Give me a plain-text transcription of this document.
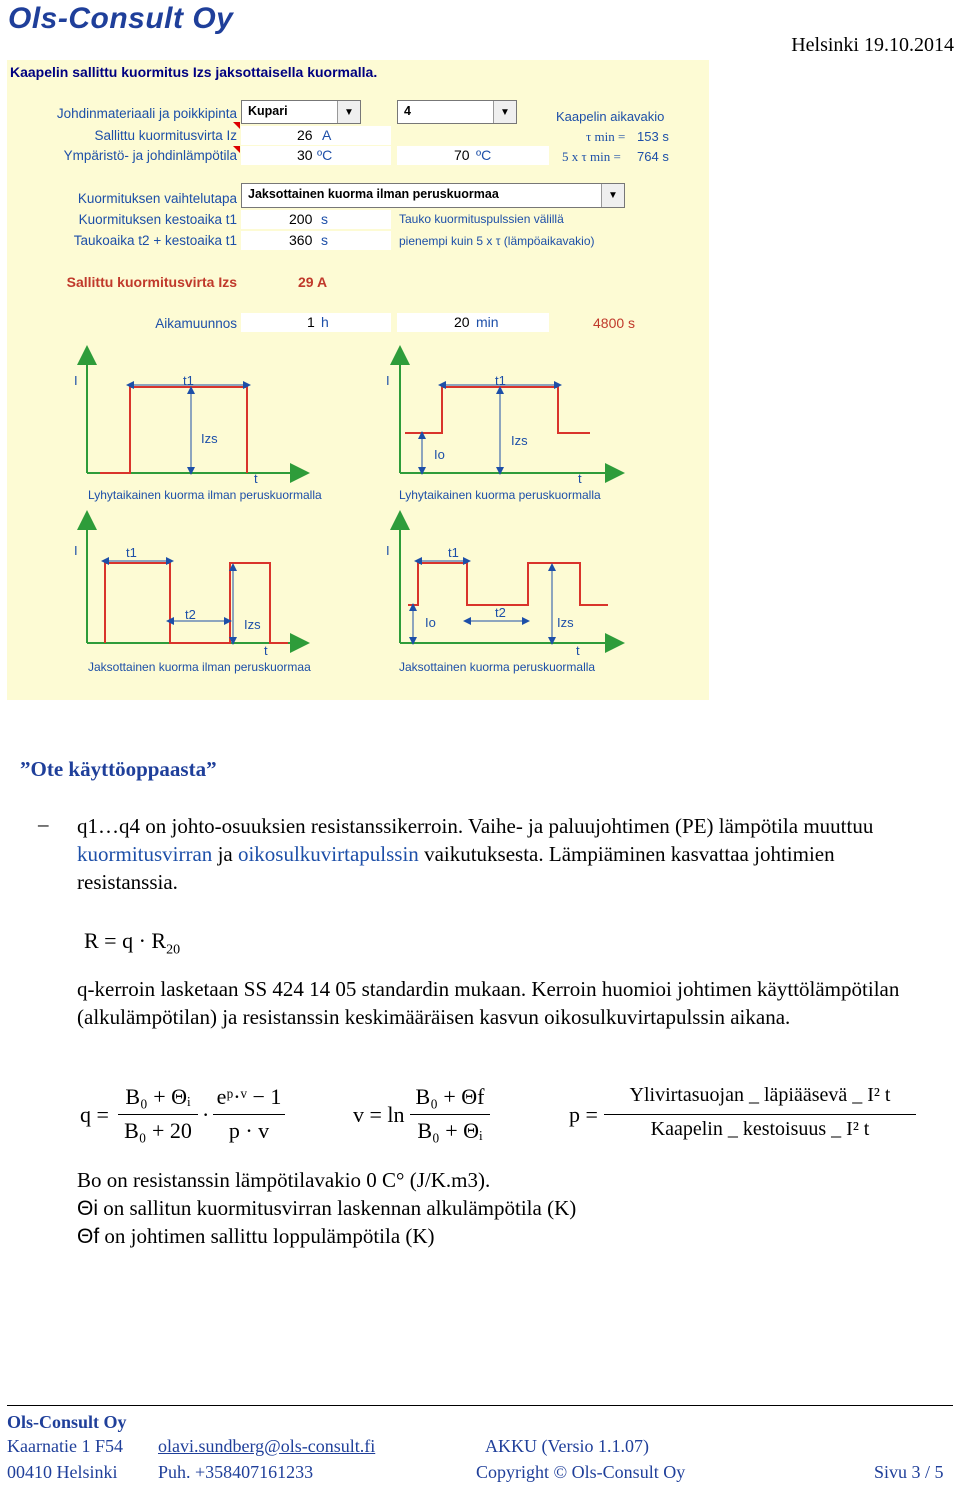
Ols-Consult Oy
Helsinki 19.10.2014
Kaapelin sallittu kuormitus Izs jaksottaisella kuormalla.
Johdinmateriaali ja poikkipinta Kupari	▼	4	▼	Kaapelin aikavakio
Sallittu kuormitusvirta Iz	26 A	τ min = 153 s
Ympäristö- ja johdinlämpötila	30 ºC	70 ºC	5 x τ min = 764 s
Kuormituksen vaihtelutapa Jaksottainen kuorma ilman peruskuormaa	▼
Kuormituksen kestoaika t1	200 s	Tauko kuormituspulssien välillä
Taukoaika t2 + kestoaika t1	360 s	pienempi kuin 5 x τ (lämpöaikavakio)
Sallittu kuormitusvirta Izs	29 A
Aikamuunnos	1 h	20 min	4800 s
I	t1
Izs
t
Lyhytaikainen kuorma ilman peruskuormalla
I	t1
Io
Izs
t
Lyhytaikainen kuorma peruskuormalla
I	t1
t2
Izs
t
Jaksottainen kuorma ilman peruskuormaa
I	t1
Io
t2
Izs
t
Jaksottainen kuorma peruskuormalla
”Ote käyttöoppaasta”
– q1…q4 on johto-osuuksien resistanssikerroin. Vaihe- ja paluujohtimen (PE) lämpötila muuttuu kuormitusvirran ja oikosulkuvirtapulssin vaikutuksesta. Lämpiäminen kasvattaa johtimien resistanssia.
$R = q \cdot R_{20}$
q-kerroin lasketaan SS 424 14 05 standardin mukaan. Kerroin huomioi johtimen käyttölämpötilan (alkulämpötilan) ja resistanssin keskimääräisen kasvun oikosulkuvirtapulssin aikana.
q =
B₀ + Θᵢ
B₀ + 20
·
eᵖ·ᵛ − 1
p · v
v = ln
B₀ + Θf
B₀ + Θᵢ
p =
Ylivirtasuojan _ läpiääsevä _ I² t
Kaapelin _ kestoisuus _ I² t
Bo on resistanssin lämpötilavakio 0 C° (J/K.m3).
Θi on sallitun kuormitusvirran laskennan alkulämpötila (K)
Θf on johtimen sallittu loppulämpötila (K)
Ols-Consult Oy
Kaarnatie 1 F54 olavi.sundberg@ols-consult.fi	AKKU (Versio 1.1.07)
00410 Helsinki Puh. +358407161233	Copyright © Ols-Consult Oy	Sivu 3 / 5
